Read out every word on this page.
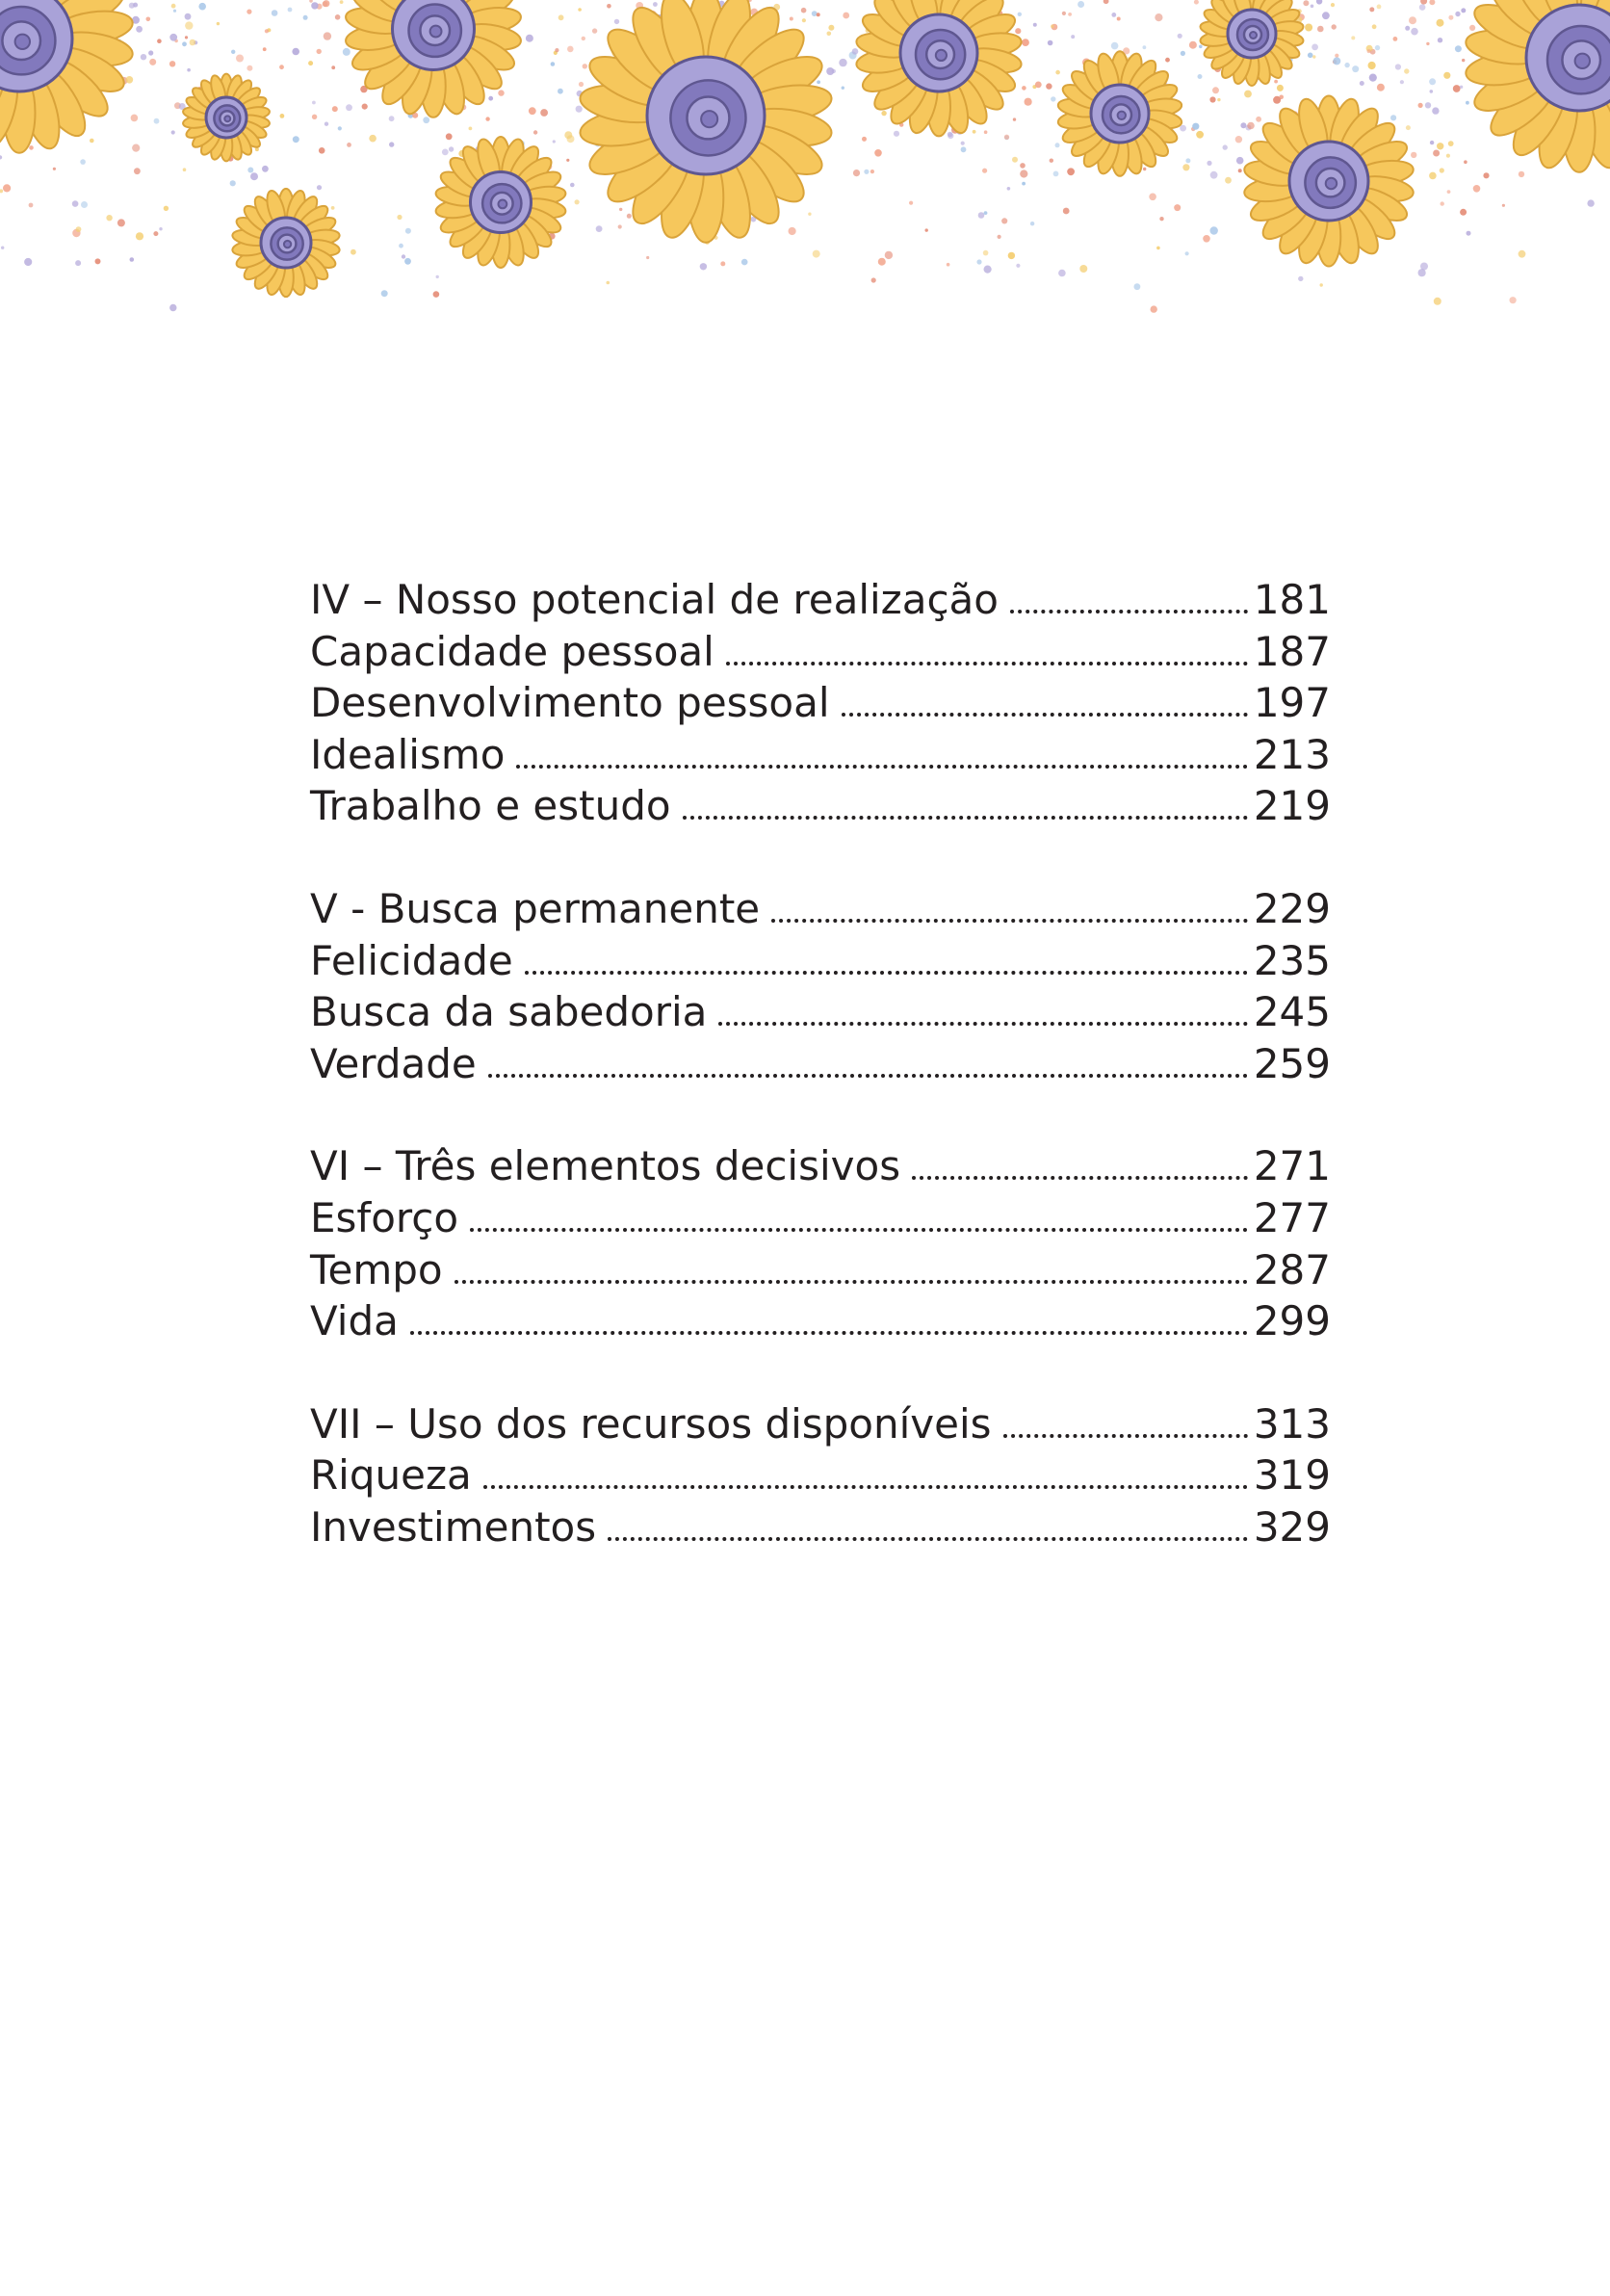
IV – Nosso potencial de realização	181
Capacidade pessoal	187
Desenvolvimento pessoal	197
Idealismo	213
Trabalho e estudo	219
V - Busca permanente	229
Felicidade	235
Busca da sabedoria	245
Verdade	259
VI – Três elementos decisivos	271
Esforço	277
Tempo	287
Vida	299
VII – Uso dos recursos disponíveis	313
Riqueza	319
Investimentos	329
